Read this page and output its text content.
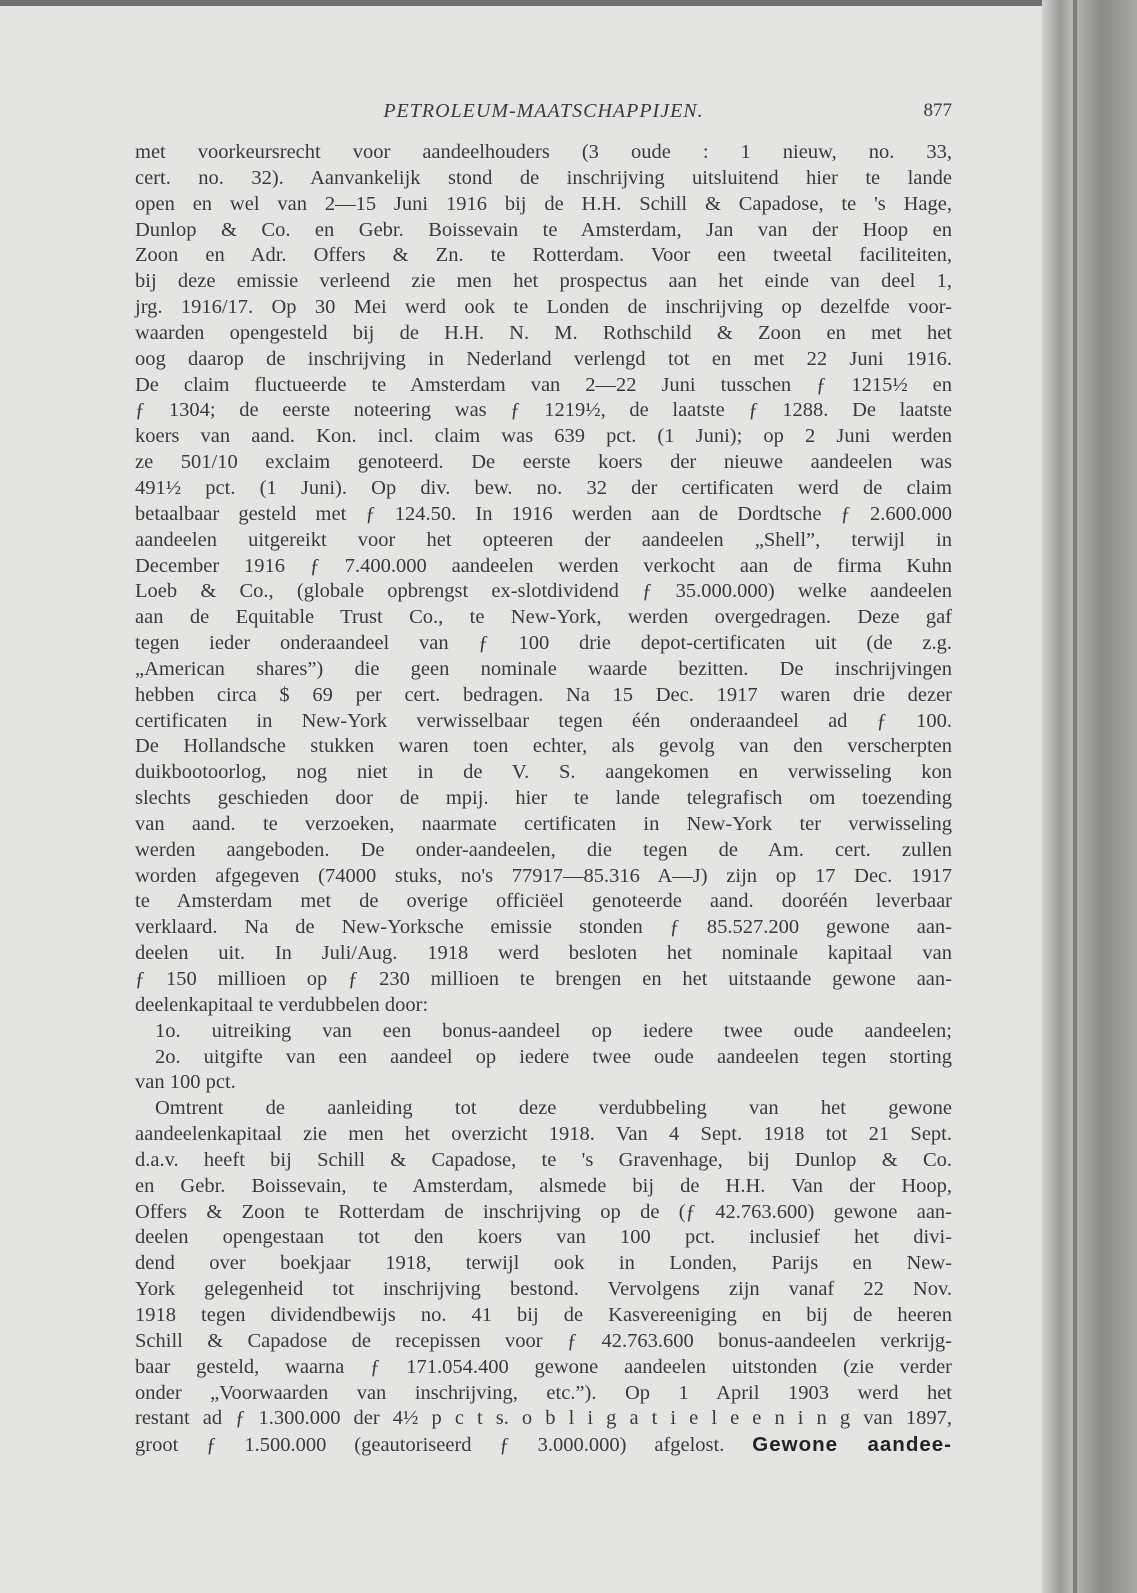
PETROLEUM-MAATSCHAPPIJEN.	877
met voorkeursrecht voor aandeelhouders (3 oude : 1 nieuw, no. 33,
cert. no. 32). Aanvankelijk stond de inschrijving uitsluitend hier te lande
open en wel van 2—15 Juni 1916 bij de H.H. Schill & Capadose, te 's Hage,
Dunlop & Co. en Gebr. Boissevain te Amsterdam, Jan van der Hoop en
Zoon en Adr. Offers & Zn. te Rotterdam. Voor een tweetal faciliteiten,
bij deze emissie verleend zie men het prospectus aan het einde van deel 1,
jrg. 1916/17. Op 30 Mei werd ook te Londen de inschrijving op dezelfde voor-
waarden opengesteld bij de H.H. N. M. Rothschild & Zoon en met het
oog daarop de inschrijving in Nederland verlengd tot en met 22 Juni 1916.
De claim fluctueerde te Amsterdam van 2—22 Juni tusschen ƒ 1215½ en
ƒ 1304; de eerste noteering was ƒ 1219½, de laatste ƒ 1288. De laatste
koers van aand. Kon. incl. claim was 639 pct. (1 Juni); op 2 Juni werden
ze 501/10 exclaim genoteerd. De eerste koers der nieuwe aandeelen was
491½ pct. (1 Juni). Op div. bew. no. 32 der certificaten werd de claim
betaalbaar gesteld met ƒ 124.50. In 1916 werden aan de Dordtsche ƒ 2.600.000
aandeelen uitgereikt voor het opteeren der aandeelen „Shell”, terwijl in
December 1916 ƒ 7.400.000 aandeelen werden verkocht aan de firma Kuhn
Loeb & Co., (globale opbrengst ex-slotdividend ƒ 35.000.000) welke aandeelen
aan de Equitable Trust Co., te New-York, werden overgedragen. Deze gaf
tegen ieder onderaandeel van ƒ 100 drie depot-certificaten uit (de z.g.
„American shares”) die geen nominale waarde bezitten. De inschrijvingen
hebben circa $ 69 per cert. bedragen. Na 15 Dec. 1917 waren drie dezer
certificaten in New-York verwisselbaar tegen één onderaandeel ad ƒ 100.
De Hollandsche stukken waren toen echter, als gevolg van den verscherpten
duikbootoorlog, nog niet in de V. S. aangekomen en verwisseling kon
slechts geschieden door de mpij. hier te lande telegrafisch om toezending
van aand. te verzoeken, naarmate certificaten in New-York ter verwisseling
werden aangeboden. De onder-aandeelen, die tegen de Am. cert. zullen
worden afgegeven (74000 stuks, no's 77917—85.316 A—J) zijn op 17 Dec. 1917
te Amsterdam met de overige officiëel genoteerde aand. dooréén leverbaar
verklaard. Na de New-Yorksche emissie stonden ƒ 85.527.200 gewone aan-
deelen uit. In Juli/Aug. 1918 werd besloten het nominale kapitaal van
ƒ 150 millioen op ƒ 230 millioen te brengen en het uitstaande gewone aan-
deelenkapitaal te verdubbelen door:
1o. uitreiking van een bonus-aandeel op iedere twee oude aandeelen;
2o. uitgifte van een aandeel op iedere twee oude aandeelen tegen storting
van 100 pct.
Omtrent de aanleiding tot deze verdubbeling van het gewone
aandeelenkapitaal zie men het overzicht 1918. Van 4 Sept. 1918 tot 21 Sept.
d.a.v. heeft bij Schill & Capadose, te 's Gravenhage, bij Dunlop & Co.
en Gebr. Boissevain, te Amsterdam, alsmede bij de H.H. Van der Hoop,
Offers & Zoon te Rotterdam de inschrijving op de (ƒ 42.763.600) gewone aan-
deelen opengestaan tot den koers van 100 pct. inclusief het divi-
dend over boekjaar 1918, terwijl ook in Londen, Parijs en New-
York gelegenheid tot inschrijving bestond. Vervolgens zijn vanaf 22 Nov.
1918 tegen dividendbewijs no. 41 bij de Kasvereeniging en bij de heeren
Schill & Capadose de recepissen voor ƒ 42.763.600 bonus-aandeelen verkrijg-
baar gesteld, waarna ƒ 171.054.400 gewone aandeelen uitstonden (zie verder
onder „Voorwaarden van inschrijving, etc.”). Op 1 April 1903 werd het
restant ad ƒ 1.300.000 der 4½ p c t s. o b l i g a t i e l e e n i n g van 1897,
groot ƒ 1.500.000 (geautoriseerd ƒ 3.000.000) afgelost. Gewone aandee-
